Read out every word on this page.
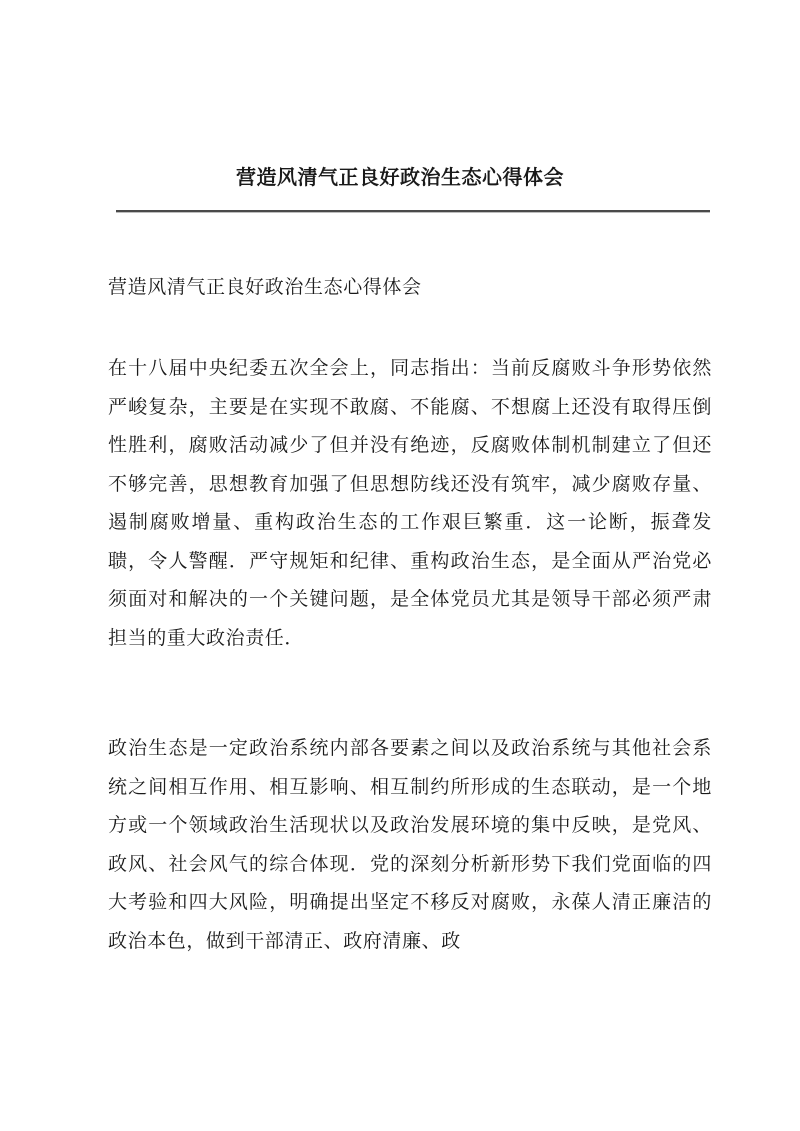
营造风清气正良好政治生态心得体会
营造风清气正良好政治生态心得体会
在十八届中央纪委五次全会上，同志指出：当前反腐败斗争形势依然严峻复杂，主要是在实现不敢腐、不能腐、不想腐上还没有取得压倒性胜利，腐败活动减少了但并没有绝迹，反腐败体制机制建立了但还不够完善，思想教育加强了但思想防线还没有筑牢，减少腐败存量、遏制腐败增量、重构政治生态的工作艰巨繁重．这一论断，振聋发聩，令人警醒．严守规矩和纪律、重构政治生态，是全面从严治党必须面对和解决的一个关键问题，是全体党员尤其是领导干部必须严肃担当的重大政治责任．
政治生态是一定政治系统内部各要素之间以及政治系统与其他社会系统之间相互作用、相互影响、相互制约所形成的生态联动，是一个地方或一个领域政治生活现状以及政治发展环境的集中反映，是党风、政风、社会风气的综合体现．党的深刻分析新形势下我们党面临的四大考验和四大风险，明确提出坚定不移反对腐败，永葆人清正廉洁的政治本色，做到干部清正、政府清廉、政
